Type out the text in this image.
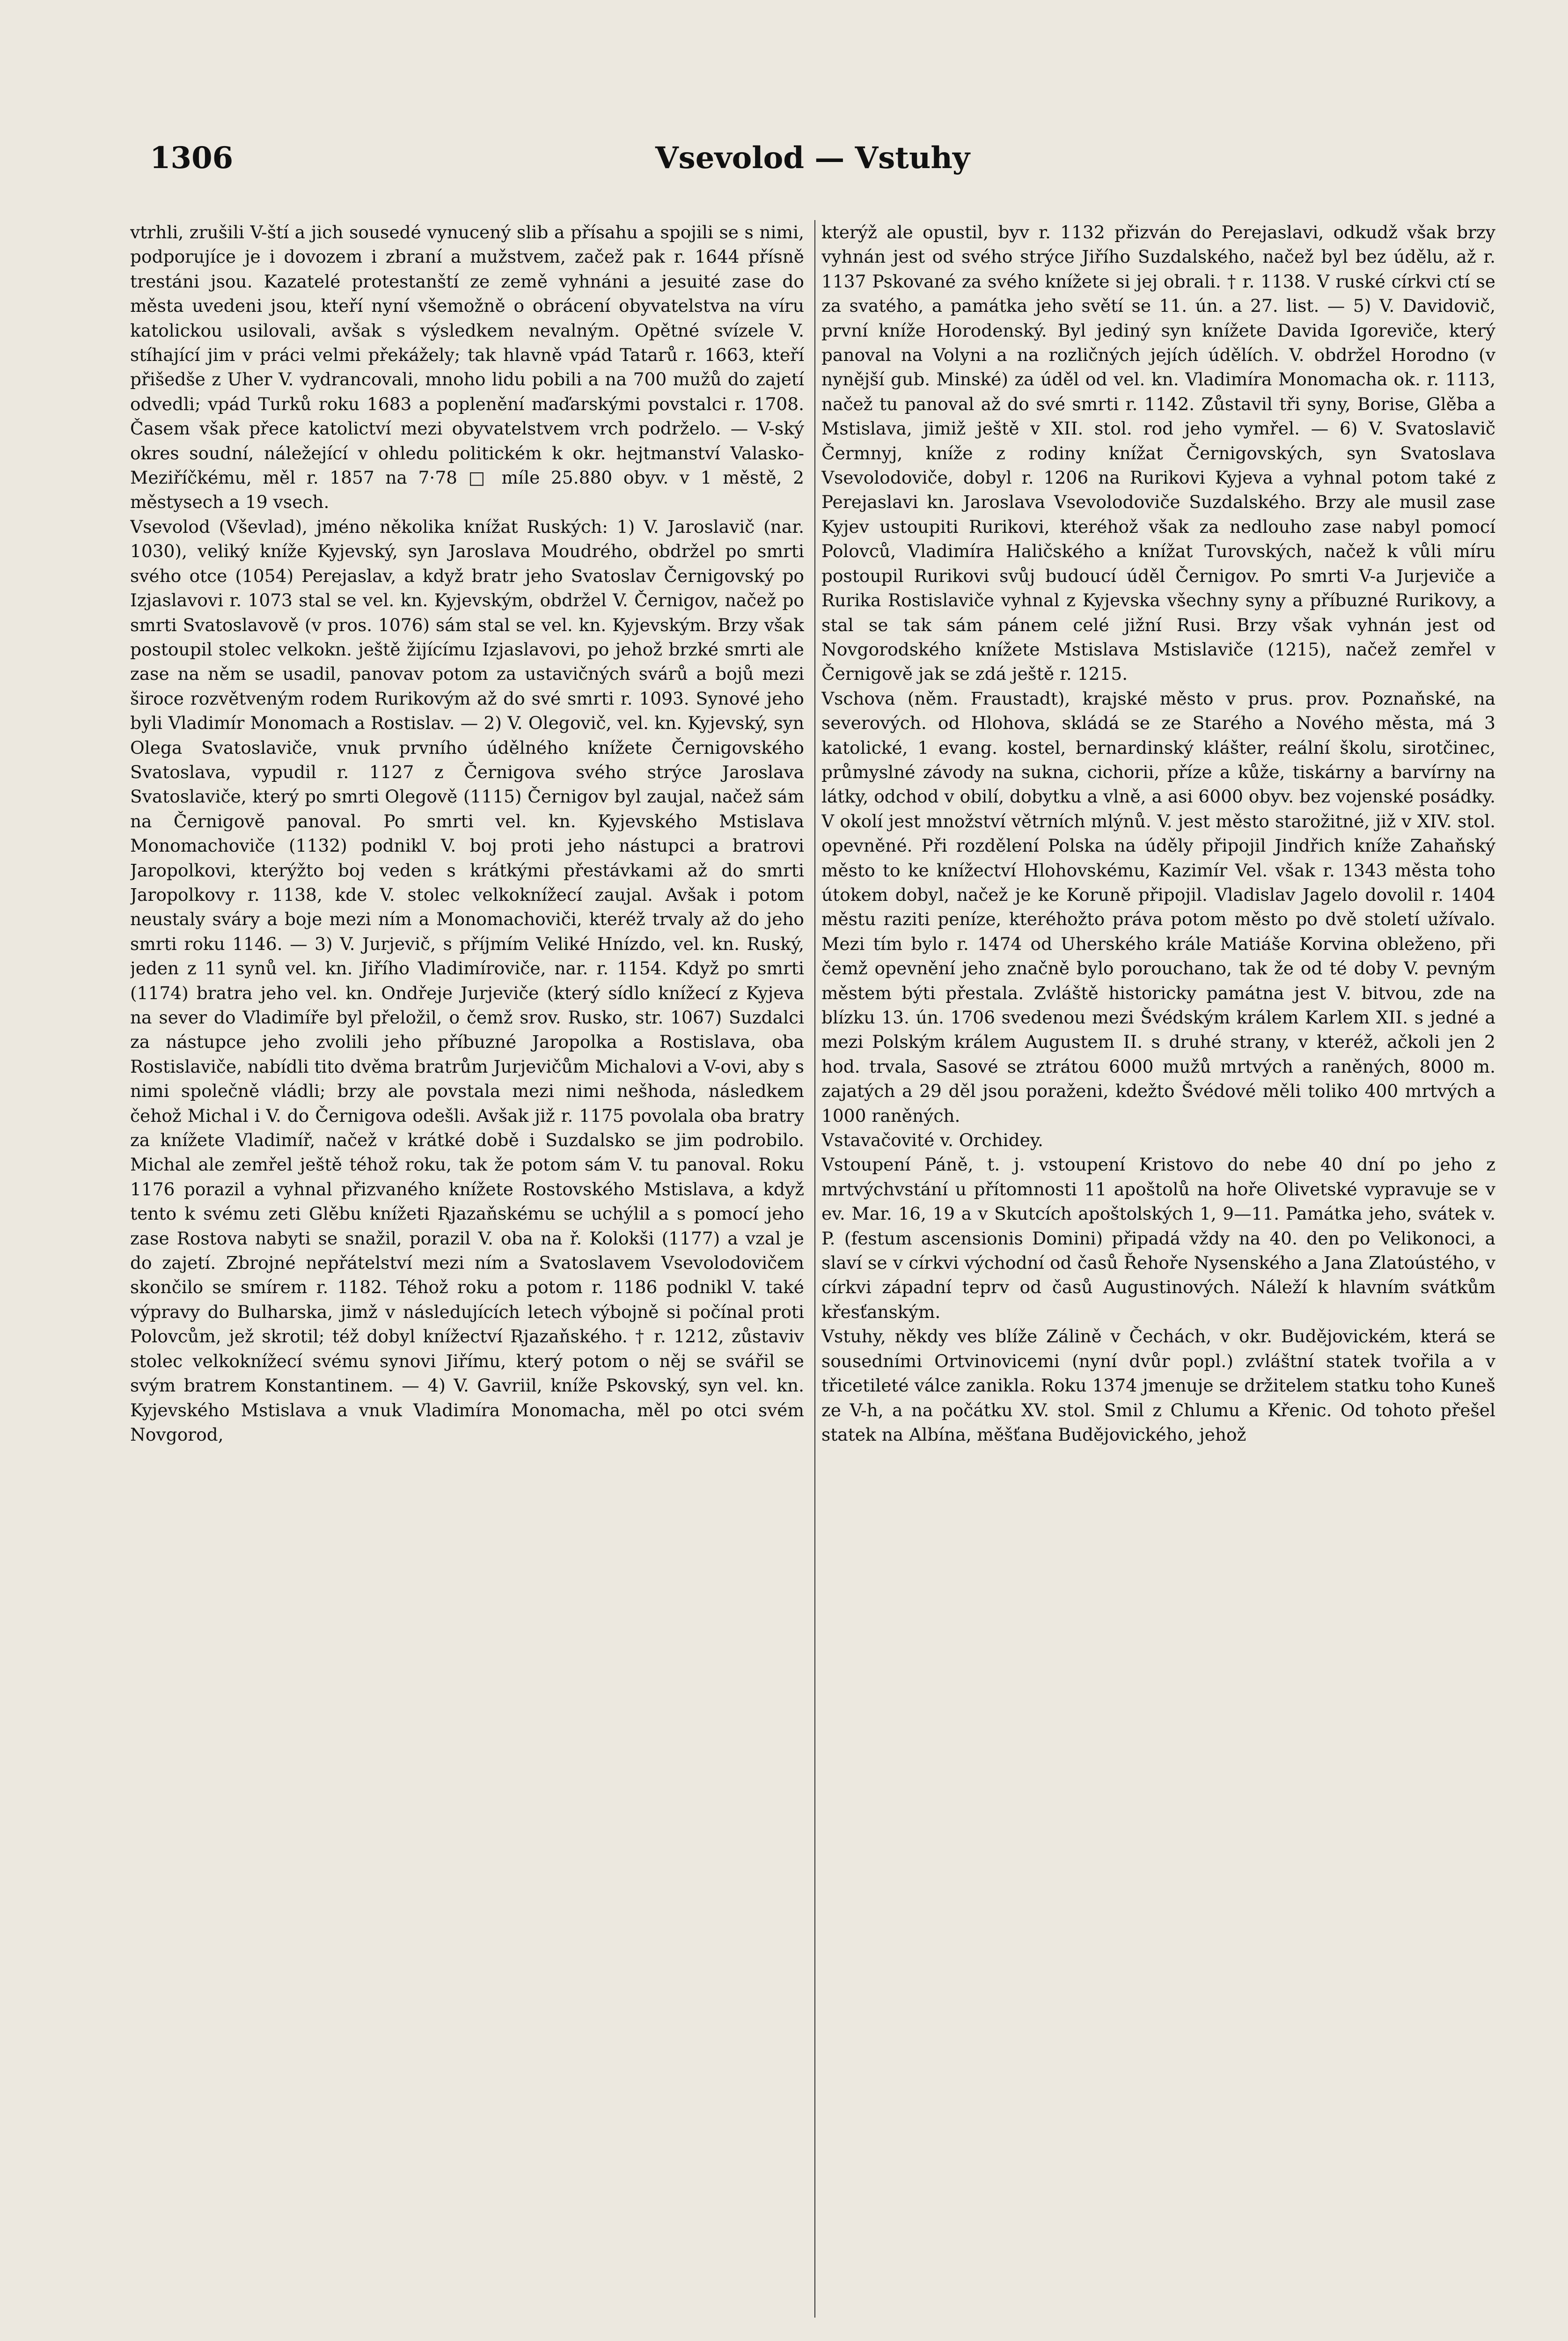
1306	Vsevolod — Vstuhy

vtrhli, zrušili V-ští a jich sousedé vynucený slib a přísahu a spojili se s nimi, podporujíce je i dovozem i zbraní a mužstvem, začež pak r. 1644 přísně trestáni jsou. Kazatelé protestanští ze země vyhnáni a jesuité zase do města uvedeni jsou, kteří nyní všemožně o obrácení obyvatelstva na víru katolickou usilovali, avšak s výsledkem nevalným. Opětné svízele V. stíhající jim v práci velmi překážely; tak hlavně vpád Tatarů r. 1663, kteří přišedše z Uher V. vydrancovali, mnoho lidu pobili a na 700 mužů do zajetí odvedli; vpád Turků roku 1683 a poplenění maďarskými povstalci r. 1708. Časem však přece katolictví mezi obyvatelstvem vrch podrželo. — V-ský okres soudní, náležející v ohledu politickém k okr. hejtmanství Valasko-Meziříčkému, měl r. 1857 na 7·78 □ míle 25.880 obyv. v 1 městě, 2 městysech a 19 vsech.

Vsevolod (Vševlad), jméno několika knížat Ruských: 1) V. Jaroslavič (nar. 1030), veliký kníže Kyjevský, syn Jaroslava Moudrého, obdržel po smrti svého otce (1054) Perejaslav, a když bratr jeho Svatoslav Černigovský po Izjaslavovi r. 1073 stal se vel. kn. Kyjevským, obdržel V. Černigov, načež po smrti Svatoslavově (v pros. 1076) sám stal se vel. kn. Kyjevským. Brzy však postoupil stolec velkokn. ještě žijícímu Izjaslavovi, po jehož brzké smrti ale zase na něm se usadil, panovav potom za ustavičných svárů a bojů mezi široce rozvětveným rodem Rurikovým až do své smrti r. 1093. Synové jeho byli Vladimír Monomach a Rostislav. — 2) V. Olegovič, vel. kn. Kyjevský, syn Olega Svatoslaviče, vnuk prvního údělného knížete Černigovského Svatoslava, vypudil r. 1127 z Černigova svého strýce Jaroslava Svatoslaviče, který po smrti Olegově (1115) Černigov byl zaujal, načež sám na Černigově panoval. Po smrti vel. kn. Kyjevského Mstislava Monomachoviče (1132) podnikl V. boj proti jeho nástupci a bratrovi Jaropolkovi, kterýžto boj veden s krátkými přestávkami až do smrti Jaropolkovy r. 1138, kde V. stolec velkoknížecí zaujal. Avšak i potom neustaly sváry a boje mezi ním a Monomachoviči, kteréž trvaly až do jeho smrti roku 1146. — 3) V. Jurjevič, s příjmím Veliké Hnízdo, vel. kn. Ruský, jeden z 11 synů vel. kn. Jiřího Vladimíroviče, nar. r. 1154. Když po smrti (1174) bratra jeho vel. kn. Ondřeje Jurjeviče (který sídlo knížecí z Kyjeva na sever do Vladimíře byl přeložil, o čemž srov. Rusko, str. 1067) Suzdalci za nástupce jeho zvolili jeho příbuzné Jaropolka a Rostislava, oba Rostislaviče, nabídli tito dvěma bratrům Jurjevičům Michalovi a V-ovi, aby s nimi společně vládli; brzy ale povstala mezi nimi nešhoda, následkem čehož Michal i V. do Černigova odešli. Avšak již r. 1175 povolala oba bratry za knížete Vladimíř, načež v krátké době i Suzdalsko se jim podrobilo. Michal ale zemřel ještě téhož roku, tak že potom sám V. tu panoval. Roku 1176 porazil a vyhnal přizvaného knížete Rostovského Mstislava, a když tento k svému zeti Glěbu knížeti Rjazaňskému se uchýlil a s pomocí jeho zase Rostova nabyti se snažil, porazil V. oba na ř. Kolokši (1177) a vzal je do zajetí. Zbrojné nepřátelství mezi ním a Svatoslavem Vsevolodovičem skončilo se smírem r. 1182. Téhož roku a potom r. 1186 podnikl V. také výpravy do Bulharska, jimž v následujících letech výbojně si počínal proti Polovcům, jež skrotil; též dobyl knížectví Rjazaňského. † r. 1212, zůstaviv stolec velkoknížecí svému synovi Jiřímu, který potom o něj se svářil se svým bratrem Konstantinem. — 4) V. Gavriil, kníže Pskovský, syn vel. kn. Kyjevského Mstislava a vnuk Vladimíra Monomacha, měl po otci svém Novgorod,

kterýž ale opustil, byv r. 1132 přizván do Perejaslavi, odkudž však brzy vyhnán jest od svého strýce Jiřího Suzdalského, načež byl bez údělu, až r. 1137 Pskované za svého knížete si jej obrali. † r. 1138. V ruské církvi ctí se za svatého, a památka jeho světí se 11. ún. a 27. list. — 5) V. Davidovič, první kníže Horodenský. Byl jediný syn knížete Davida Igoreviče, který panoval na Volyni a na rozličných jejích údělích. V. obdržel Horodno (v nynější gub. Minské) za úděl od vel. kn. Vladimíra Monomacha ok. r. 1113, načež tu panoval až do své smrti r. 1142. Zůstavil tři syny, Borise, Glěba a Mstislava, jimiž ještě v XII. stol. rod jeho vymřel. — 6) V. Svatoslavič Čermnyj, kníže z rodiny knížat Černigovských, syn Svatoslava Vsevolodoviče, dobyl r. 1206 na Rurikovi Kyjeva a vyhnal potom také z Perejaslavi kn. Jaroslava Vsevolodoviče Suzdalského. Brzy ale musil zase Kyjev ustoupiti Rurikovi, kteréhož však za nedlouho zase nabyl pomocí Polovců, Vladimíra Haličského a knížat Turovských, načež k vůli míru postoupil Rurikovi svůj budoucí úděl Černigov. Po smrti V-a Jurjeviče a Rurika Rostislaviče vyhnal z Kyjevska všechny syny a příbuzné Rurikovy, a stal se tak sám pánem celé jižní Rusi. Brzy však vyhnán jest od Novgorodského knížete Mstislava Mstislaviče (1215), načež zemřel v Černigově jak se zdá ještě r. 1215.

Vschova (něm. Fraustadt), krajské město v prus. prov. Poznaňské, na severových. od Hlohova, skládá se ze Starého a Nového města, má 3 katolické, 1 evang. kostel, bernardinský klášter, reální školu, sirotčinec, průmyslné závody na sukna, cichorii, příze a kůže, tiskárny a barvírny na látky, odchod v obilí, dobytku a vlně, a asi 6000 obyv. bez vojenské posádky. V okolí jest množství větrních mlýnů. V. jest město starožitné, již v XIV. stol. opevněné. Při rozdělení Polska na úděly připojil Jindřich kníže Zahaňský město to ke knížectví Hlohovskému, Kazimír Vel. však r. 1343 města toho útokem dobyl, načež je ke Koruně připojil. Vladislav Jagelo dovolil r. 1404 městu raziti peníze, kteréhožto práva potom město po dvě století užívalo. Mezi tím bylo r. 1474 od Uherského krále Matiáše Korvina obleženo, při čemž opevnění jeho značně bylo porouchano, tak že od té doby V. pevným městem býti přestala. Zvláště historicky památna jest V. bitvou, zde na blízku 13. ún. 1706 svedenou mezi Švédským králem Karlem XII. s jedné a mezi Polským králem Augustem II. s druhé strany, v kteréž, ačkoli jen 2 hod. trvala, Sasové se ztrátou 6000 mužů mrtvých a raněných, 8000 m. zajatých a 29 děl jsou poraženi, kdežto Švédové měli toliko 400 mrtvých a 1000 raněných.

Vstavačovité v. Orchidey.

Vstoupení Páně, t. j. vstoupení Kristovo do nebe 40 dní po jeho z mrtvýchvstání u přítomnosti 11 apoštolů na hoře Olivetské vypravuje se v ev. Mar. 16, 19 a v Skutcích apoštolských 1, 9—11. Památka jeho, svátek v. P. (festum ascensionis Domini) připadá vždy na 40. den po Velikonoci, a slaví se v církvi východní od časů Řehoře Nysenského a Jana Zlatoústého, v církvi západní teprv od časů Augustinových. Náleží k hlavním svátkům křesťanským.

Vstuhy, někdy ves blíže Zálině v Čechách, v okr. Budějovickém, která se sousedními Ortvinovicemi (nyní dvůr popl.) zvláštní statek tvořila a v třicetileté válce zanikla. Roku 1374 jmenuje se držitelem statku toho Kuneš ze V-h, a na počátku XV. stol. Smil z Chlumu a Křenic. Od tohoto přešel statek na Albína, měšťana Budějovického, jehož
